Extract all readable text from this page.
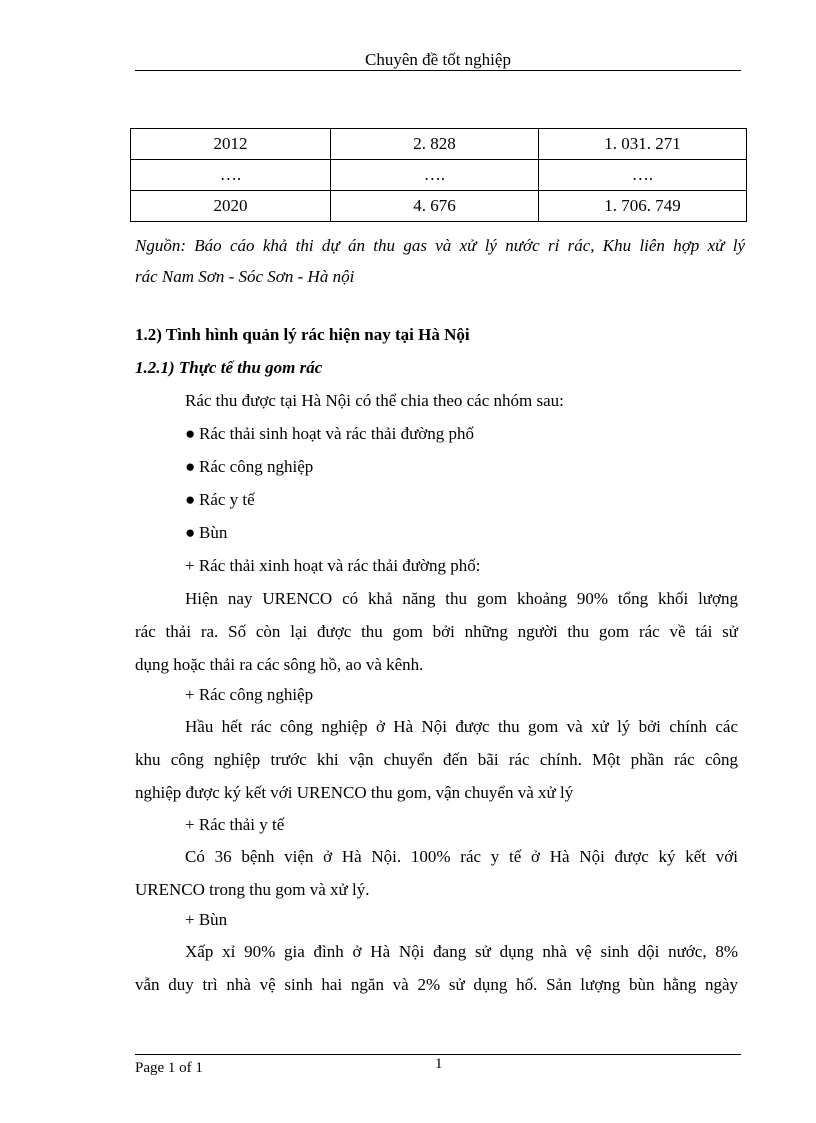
Chuyên đề tốt nghiệp
2012	2. 828	1. 031. 271
….	….	….
2020	4. 676	1. 706. 749
Nguồn: Báo cáo khả thi dự án thu gas và xử lý nước rỉ rác, Khu liên hợp xử lý
rác Nam Sơn - Sóc Sơn - Hà nội
1.2) Tình hình quản lý rác hiện nay tại Hà Nội
1.2.1) Thực tế thu gom rác
Rác thu được tại Hà Nội có thể chia theo các nhóm sau:
● Rác thải sinh hoạt và rác thải đường phố
● Rác công nghiệp
● Rác y tế
● Bùn
+ Rác thải xinh hoạt và rác thải đường phố:
Hiện nay URENCO có khả năng thu gom khoảng 90% tổng khối lượng
rác thải ra. Số còn lại được thu gom bởi những người thu gom rác về tái sử
dụng hoặc thải ra các sông hồ, ao và kênh.
+ Rác công nghiệp
Hầu hết rác công nghiệp ở Hà Nội được thu gom và xử lý bởi chính các
khu công nghiệp trước khi vận chuyển đến bãi rác chính. Một phần rác công
nghiệp được ký kết với URENCO thu gom, vận chuyển và xử lý
+ Rác thải y tế
Có 36 bệnh viện ở Hà Nội. 100% rác y tế ở Hà Nội được ký kết với
URENCO trong thu gom và xử lý.
+ Bùn
Xấp xỉ 90% gia đình ở Hà Nội đang sử dụng nhà vệ sinh dội nước, 8%
vẫn duy trì nhà vệ sinh hai ngăn và 2% sử dụng hố. Sản lượng bùn hằng ngày
Page 1 of 1	1
